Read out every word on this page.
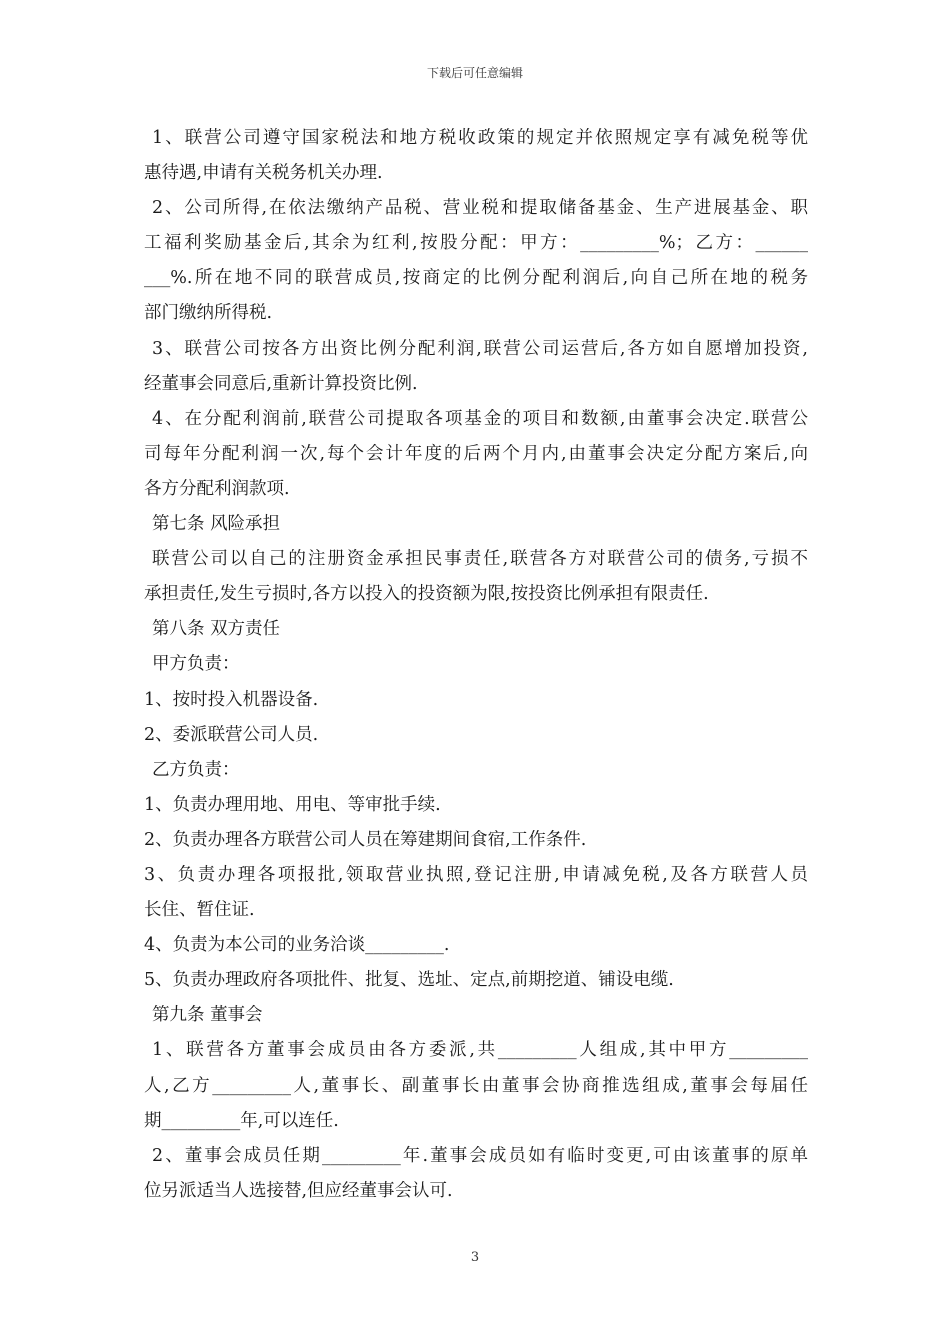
下载后可任意编辑
1、联营公司遵守国家税法和地方税收政策的规定并依照规定享有减免税等优
惠待遇,申请有关税务机关办理.
2、公司所得,在依法缴纳产品税、营业税和提取储备基金、生产进展基金、职
工福利奖励基金后,其余为红利,按股分配：甲方：_________%；乙方：______
___%.所在地不同的联营成员,按商定的比例分配利润后,向自己所在地的税务
部门缴纳所得税.
3、联营公司按各方出资比例分配利润,联营公司运营后,各方如自愿增加投资,
经董事会同意后,重新计算投资比例.
4、在分配利润前,联营公司提取各项基金的项目和数额,由董事会决定.联营公
司每年分配利润一次,每个会计年度的后两个月内,由董事会决定分配方案后,向
各方分配利润款项.
第七条 风险承担
联营公司以自己的注册资金承担民事责任,联营各方对联营公司的债务,亏损不
承担责任,发生亏损时,各方以投入的投资额为限,按投资比例承担有限责任.
第八条 双方责任
甲方负责：
1、按时投入机器设备.
2、委派联营公司人员.
乙方负责：
1、负责办理用地、用电、等审批手续.
2、负责办理各方联营公司人员在筹建期间食宿,工作条件.
3、负责办理各项报批,领取营业执照,登记注册,申请减免税,及各方联营人员
长住、暂住证.
4、负责为本公司的业务洽谈_________.
5、负责办理政府各项批件、批复、选址、定点,前期挖道、铺设电缆.
第九条 董事会
1、联营各方董事会成员由各方委派,共_________人组成,其中甲方_________
人,乙方_________人,董事长、副董事长由董事会协商推选组成,董事会每届任
期_________年,可以连任.
2、董事会成员任期_________年.董事会成员如有临时变更,可由该董事的原单
位另派适当人选接替,但应经董事会认可.
3
